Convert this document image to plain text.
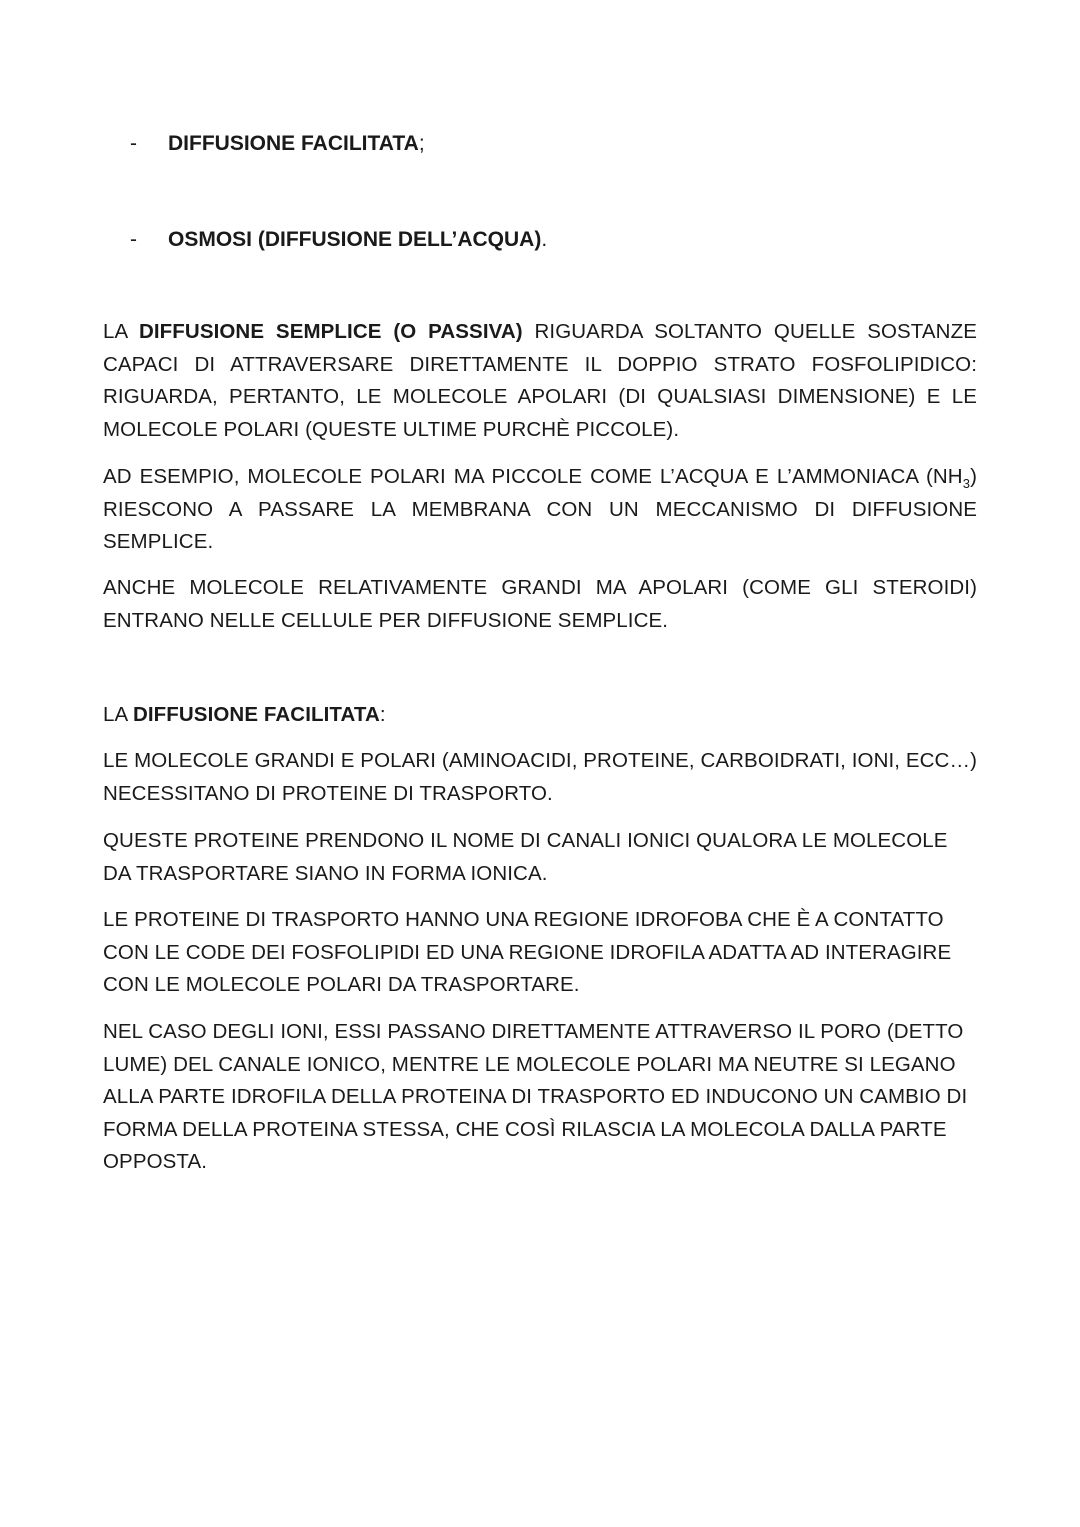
-	DIFFUSIONE FACILITATA;
-	OSMOSI (DIFFUSIONE DELL’ACQUA).

LA DIFFUSIONE SEMPLICE (O PASSIVA) RIGUARDA SOLTANTO QUELLE SOSTANZE CAPACI DI ATTRAVERSARE DIRETTAMENTE IL DOPPIO STRATO FOSFOLIPIDICO: RIGUARDA, PERTANTO, LE MOLECOLE APOLARI (DI QUALSIASI DIMENSIONE) E LE MOLECOLE POLARI (QUESTE ULTIME PURCHÈ PICCOLE).

AD ESEMPIO, MOLECOLE POLARI MA PICCOLE COME L’ACQUA E L’AMMONIACA $(NH_3)$ RIESCONO A PASSARE LA MEMBRANA CON UN MECCANISMO DI DIFFUSIONE SEMPLICE.

ANCHE MOLECOLE RELATIVAMENTE GRANDI MA APOLARI (COME GLI STEROIDI) ENTRANO NELLE CELLULE PER DIFFUSIONE SEMPLICE.

LA DIFFUSIONE FACILITATA:

LE MOLECOLE GRANDI E POLARI (AMINOACIDI, PROTEINE, CARBOIDRATI, IONI, ECC…) NECESSITANO DI PROTEINE DI TRASPORTO.

QUESTE PROTEINE PRENDONO IL NOME DI CANALI IONICI QUALORA LE MOLECOLE DA TRASPORTARE SIANO IN FORMA IONICA.

LE PROTEINE DI TRASPORTO HANNO UNA REGIONE IDROFOBA CHE È A CONTATTO CON LE CODE DEI FOSFOLIPIDI ED UNA REGIONE IDROFILA ADATTA AD INTERAGIRE CON LE MOLECOLE POLARI DA TRASPORTARE.

NEL CASO DEGLI IONI, ESSI PASSANO DIRETTAMENTE ATTRAVERSO IL PORO (DETTO LUME) DEL CANALE IONICO, MENTRE LE MOLECOLE POLARI MA NEUTRE SI LEGANO ALLA PARTE IDROFILA DELLA PROTEINA DI TRASPORTO ED INDUCONO UN CAMBIO DI FORMA DELLA PROTEINA STESSA, CHE COSÌ RILASCIA LA MOLECOLA DALLA PARTE OPPOSTA.
